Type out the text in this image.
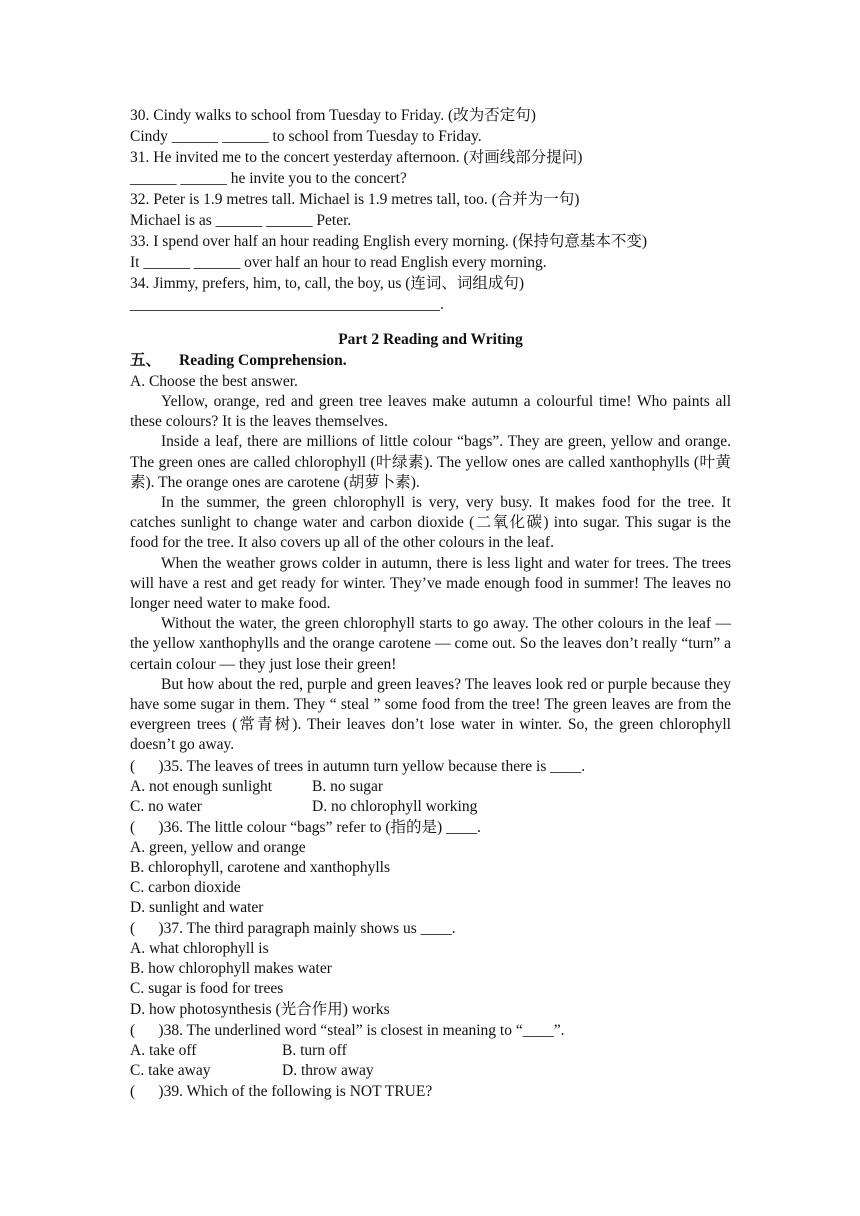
30. Cindy walks to school from Tuesday to Friday. (改为否定句)
Cindy ______ ______ to school from Tuesday to Friday.
31. He invited me to the concert yesterday afternoon. (对画线部分提问)
______ ______ he invite you to the concert?
32. Peter is 1.9 metres tall. Michael is 1.9 metres tall, too. (合并为一句)
Michael is as ______ ______ Peter.
33. I spend over half an hour reading English every morning. (保持句意基本不变)
It ______ ______ over half an hour to read English every morning.
34. Jimmy, prefers, him, to, call, the boy, us (连词、词组成句)
________________________________________.
Part 2 Reading and Writing
五、 Reading Comprehension.
A. Choose the best answer.

Yellow, orange, red and green tree leaves make autumn a colourful time! Who paints all these colours? It is the leaves themselves.

Inside a leaf, there are millions of little colour “bags”. They are green, yellow and orange. The green ones are called chlorophyll (叶绿素). The yellow ones are called xanthophylls (叶黄素). The orange ones are carotene (胡萝卜素).

In the summer, the green chlorophyll is very, very busy. It makes food for the tree. It catches sunlight to change water and carbon dioxide (二氧化碳) into sugar. This sugar is the food for the tree. It also covers up all of the other colours in the leaf.

When the weather grows colder in autumn, there is less light and water for trees. The trees will have a rest and get ready for winter. They’ve made enough food in summer! The leaves no longer need water to make food.

Without the water, the green chlorophyll starts to go away. The other colours in the leaf — the yellow xanthophylls and the orange carotene — come out. So the leaves don’t really “turn” a certain colour — they just lose their green!

But how about the red, purple and green leaves? The leaves look red or purple because they have some sugar in them. They “ steal ” some food from the tree! The green leaves are from the evergreen trees (常青树). Their leaves don’t lose water in winter. So, the green chlorophyll doesn’t go away.

(      )35. The leaves of trees in autumn turn yellow because there is ____.
A. not enough sunlight	B. no sugar
C. no water	D. no chlorophyll working
(      )36. The little colour “bags” refer to (指的是) ____.
A. green, yellow and orange
B. chlorophyll, carotene and xanthophylls
C. carbon dioxide
D. sunlight and water
(      )37. The third paragraph mainly shows us ____.
A. what chlorophyll is
B. how chlorophyll makes water
C. sugar is food for trees
D. how photosynthesis (光合作用) works
(      )38. The underlined word “steal” is closest in meaning to “____”.
A. take off	B. turn off
C. take away	D. throw away
(      )39. Which of the following is NOT TRUE?
